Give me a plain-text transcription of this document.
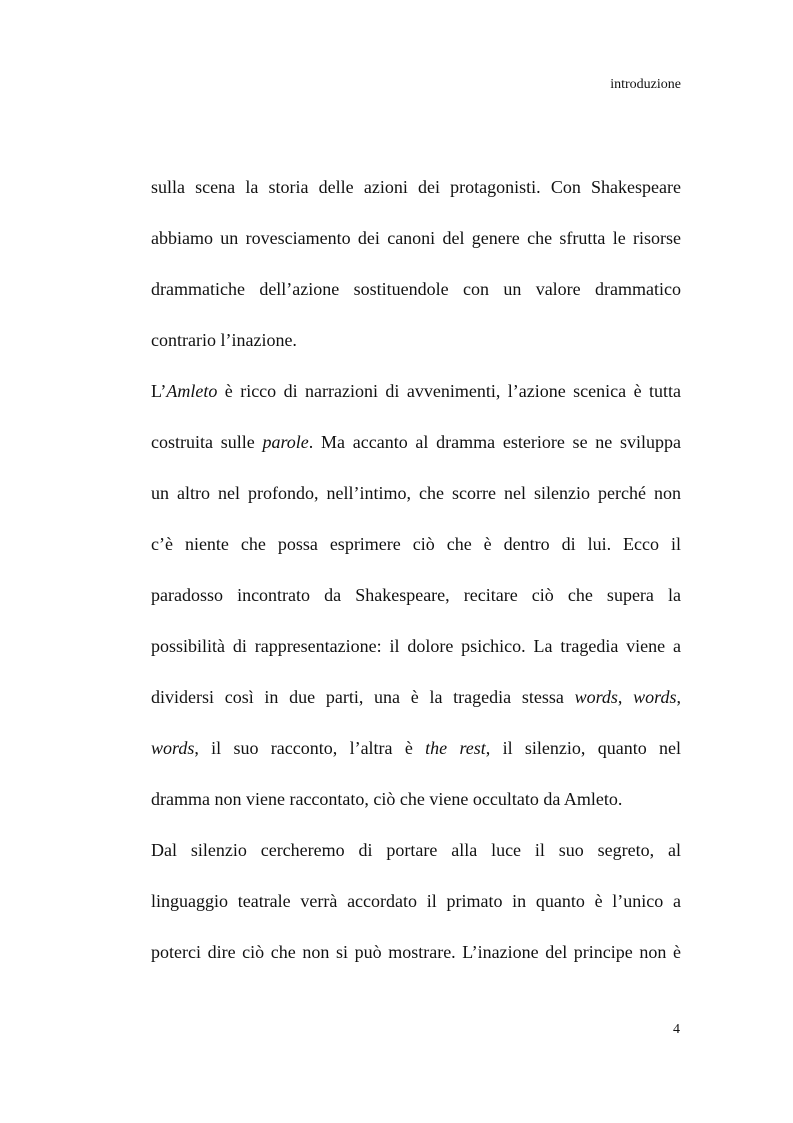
introduzione
sulla scena la storia delle azioni dei protagonisti. Con Shakespeare
abbiamo un rovesciamento dei canoni del genere che sfrutta le risorse
drammatiche dell’azione sostituendole con un valore drammatico
contrario l’inazione.
L’Amleto è ricco di narrazioni di avvenimenti, l’azione scenica è tutta
costruita sulle parole. Ma accanto al dramma esteriore se ne sviluppa
un altro nel profondo, nell’intimo, che scorre nel silenzio perché non
c’è niente che possa esprimere ciò che è dentro di lui. Ecco il
paradosso incontrato da Shakespeare, recitare ciò che supera la
possibilità di rappresentazione: il dolore psichico. La tragedia viene a
dividersi così in due parti, una è la tragedia stessa words, words,
words, il suo racconto, l’altra è the rest, il silenzio, quanto nel
dramma non viene raccontato, ciò che viene occultato da Amleto.
Dal silenzio cercheremo di portare alla luce il suo segreto, al
linguaggio teatrale verrà accordato il primato in quanto è l’unico a
poterci dire ciò che non si può mostrare. L’inazione del principe non è
4
